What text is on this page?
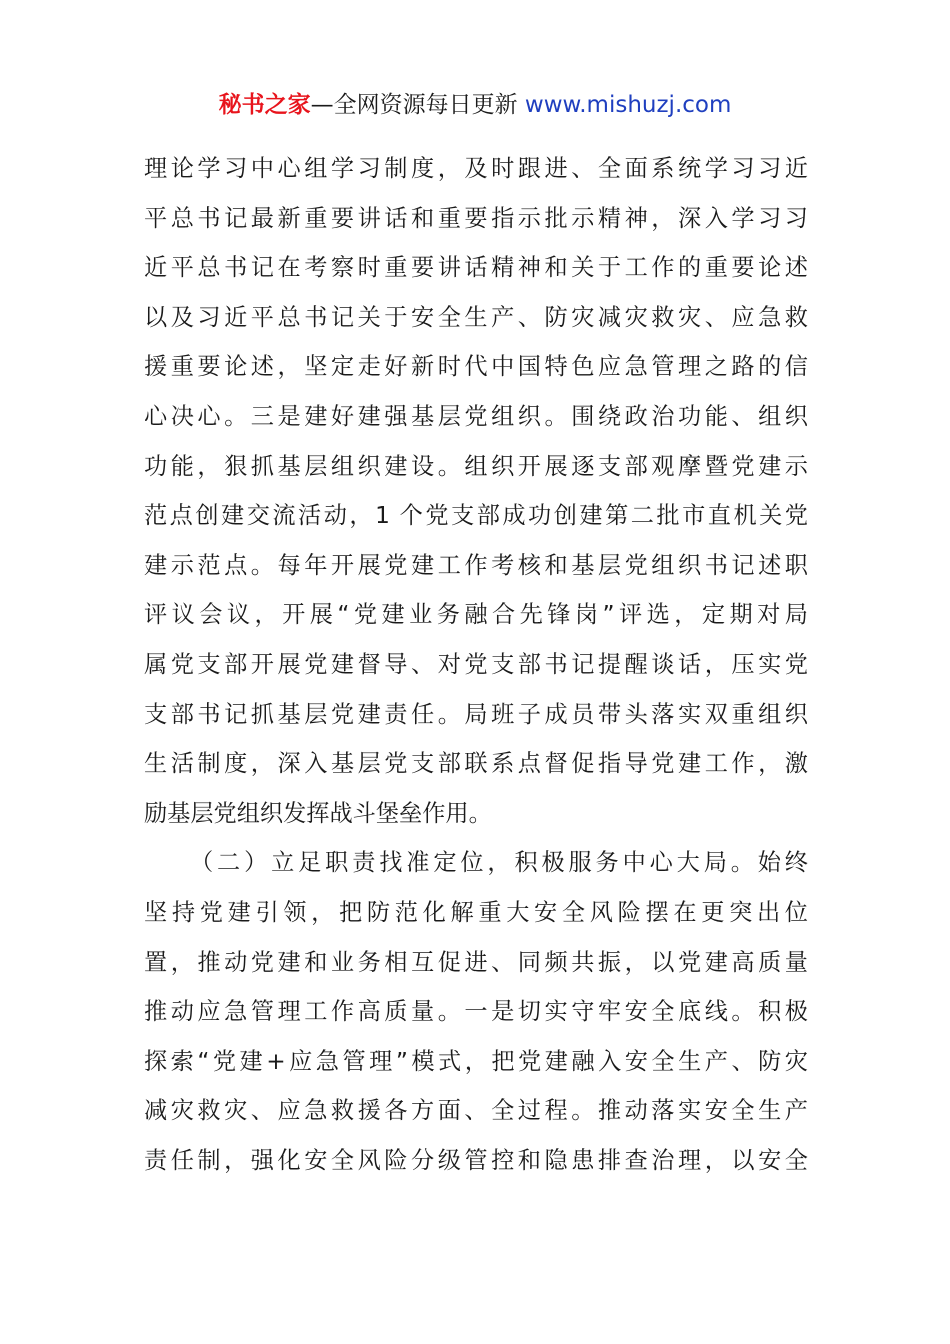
秘书之家—全网资源每日更新 www.mishuzj.com
理论学习中心组学习制度，及时跟进、全面系统学习习近
平总书记最新重要讲话和重要指示批示精神，深入学习习
近平总书记在考察时重要讲话精神和关于工作的重要论述
以及习近平总书记关于安全生产、防灾减灾救灾、应急救
援重要论述，坚定走好新时代中国特色应急管理之路的信
心决心。三是建好建强基层党组织。围绕政治功能、组织
功能，狠抓基层组织建设。组织开展逐支部观摩暨党建示
范点创建交流活动，1 个党支部成功创建第二批市直机关党
建示范点。每年开展党建工作考核和基层党组织书记述职
评议会议，开展“党建业务融合先锋岗”评选，定期对局
属党支部开展党建督导、对党支部书记提醒谈话，压实党
支部书记抓基层党建责任。局班子成员带头落实双重组织
生活制度，深入基层党支部联系点督促指导党建工作，激
励基层党组织发挥战斗堡垒作用。
（二）立足职责找准定位，积极服务中心大局。始终
坚持党建引领，把防范化解重大安全风险摆在更突出位
置，推动党建和业务相互促进、同频共振，以党建高质量
推动应急管理工作高质量。一是切实守牢安全底线。积极
探索“党建+应急管理”模式，把党建融入安全生产、防灾
减灾救灾、应急救援各方面、全过程。推动落实安全生产
责任制，强化安全风险分级管控和隐患排查治理，以安全
